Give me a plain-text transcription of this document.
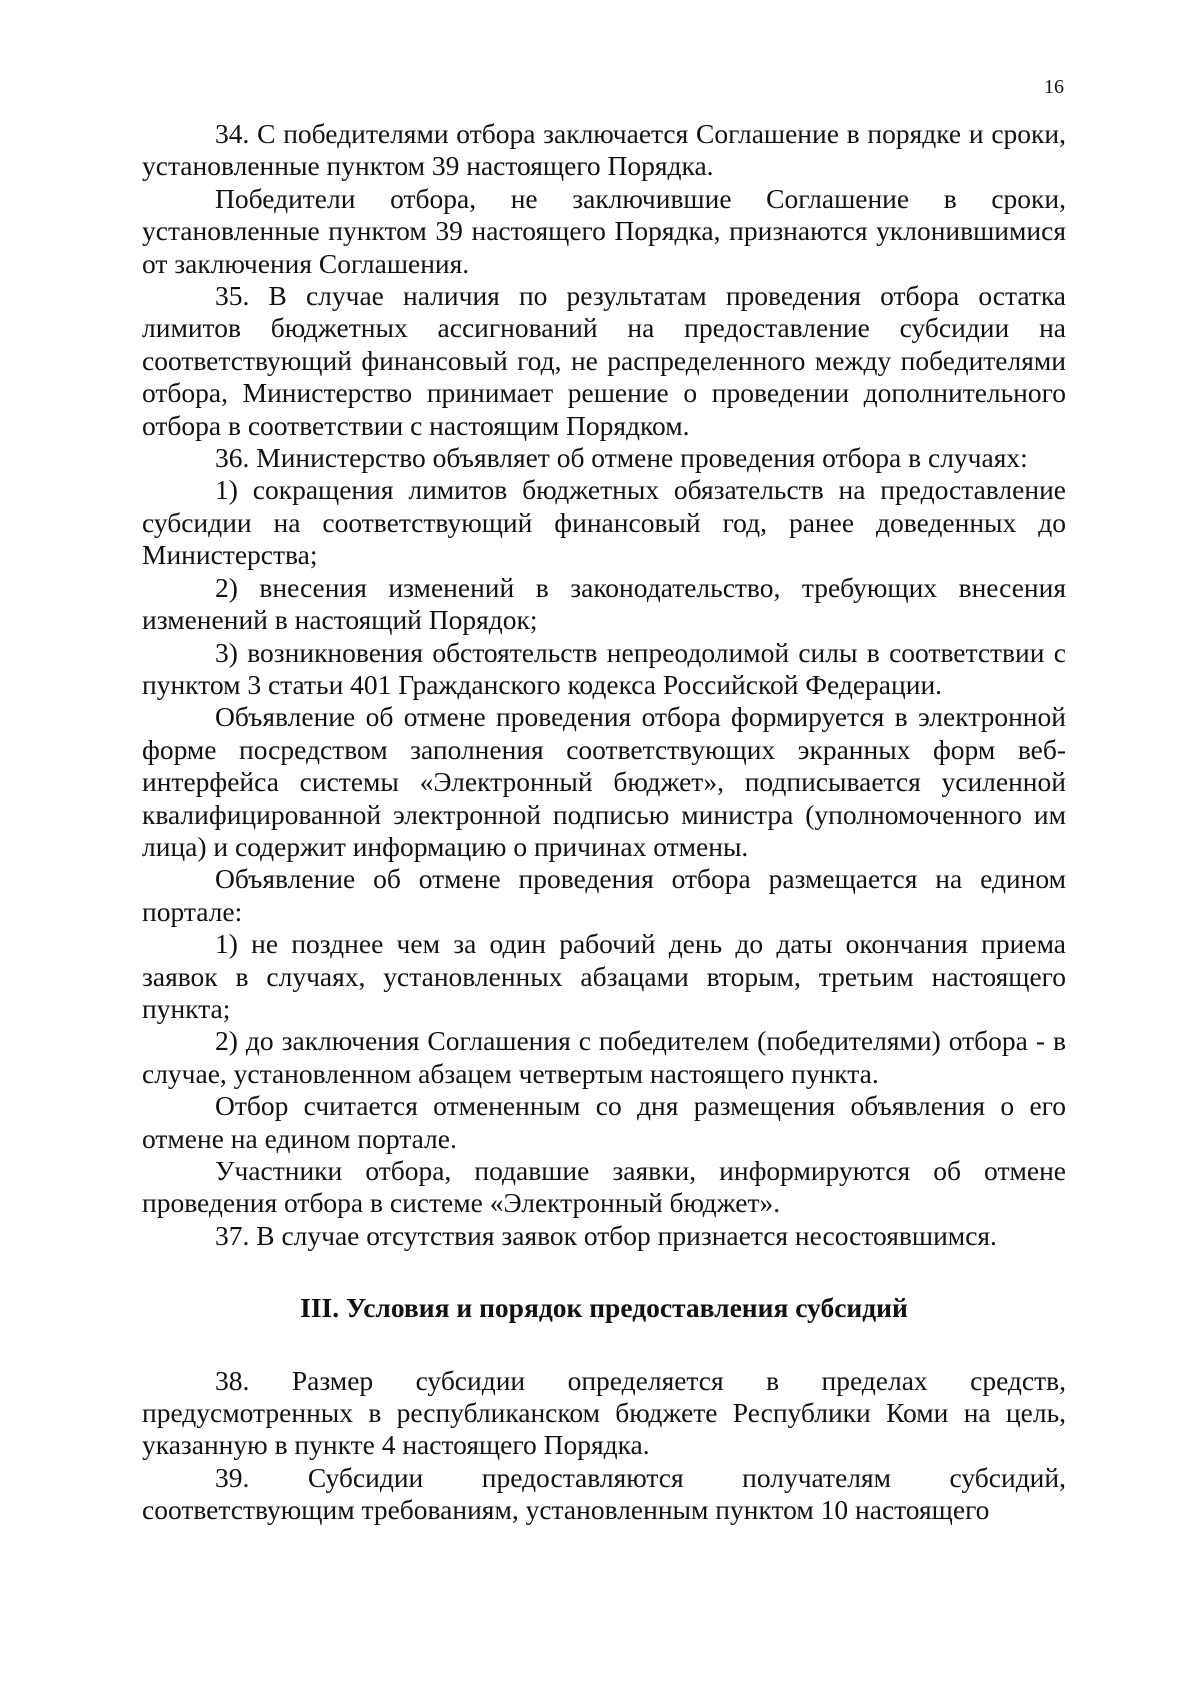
16

34. С победителями отбора заключается Соглашение в порядке и сроки, установленные пунктом 39 настоящего Порядка.

Победители отбора, не заключившие Соглашение в сроки, установленные пунктом 39 настоящего Порядка, признаются уклонившимися от заключения Соглашения.

35. В случае наличия по результатам проведения отбора остатка лимитов бюджетных ассигнований на предоставление субсидии на соответствующий финансовый год, не распределенного между победителями отбора, Министерство принимает решение о проведении дополнительного отбора в соответствии с настоящим Порядком.

36. Министерство объявляет об отмене проведения отбора в случаях:

1) сокращения лимитов бюджетных обязательств на предоставление субсидии на соответствующий финансовый год, ранее доведенных до Министерства;

2) внесения изменений в законодательство, требующих внесения изменений в настоящий Порядок;

3) возникновения обстоятельств непреодолимой силы в соответствии с пунктом 3 статьи 401 Гражданского кодекса Российской Федерации.

Объявление об отмене проведения отбора формируется в электронной форме посредством заполнения соответствующих экранных форм веб-интерфейса системы «Электронный бюджет», подписывается усиленной квалифицированной электронной подписью министра (уполномоченного им лица) и содержит информацию о причинах отмены.

Объявление об отмене проведения отбора размещается на едином портале:

1) не позднее чем за один рабочий день до даты окончания приема заявок в случаях, установленных абзацами вторым, третьим настоящего пункта;

2) до заключения Соглашения с победителем (победителями) отбора - в случае, установленном абзацем четвертым настоящего пункта.

Отбор считается отмененным со дня размещения объявления о его отмене на едином портале.

Участники отбора, подавшие заявки, информируются об отмене проведения отбора в системе «Электронный бюджет».

37. В случае отсутствия заявок отбор признается несостоявшимся.

III. Условия и порядок предоставления субсидий

38. Размер субсидии определяется в пределах средств, предусмотренных в республиканском бюджете Республики Коми на цель, указанную в пункте 4 настоящего Порядка.

39. Субсидии предоставляются получателям субсидий, соответствующим требованиям, установленным пунктом 10 настоящего
